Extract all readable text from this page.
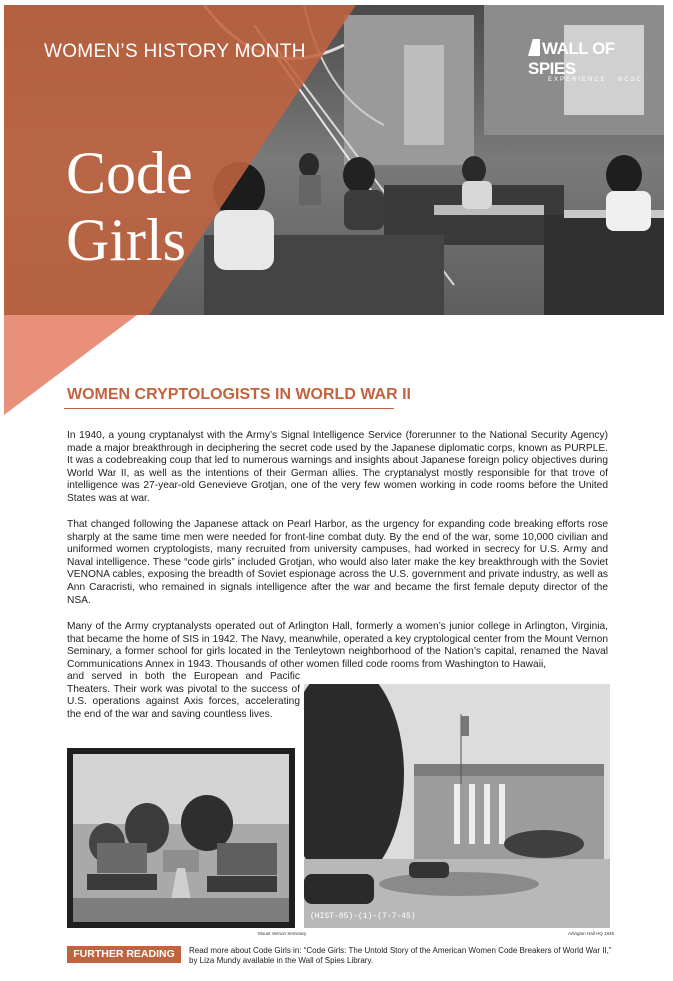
WOMEN’S HISTORY MONTH
Code
Girls
WALL OF SPIES
EXPERIENCE · NCSC
WOMEN CRYPTOLOGISTS IN WORLD WAR II
In 1940, a young cryptanalyst with the Army’s Signal Intelligence Service (forerunner to the National Security Agency) made a major breakthrough in deciphering the secret code used by the Japanese diplomatic corps, known as PURPLE. It was a codebreaking coup that led to numerous warnings and insights about Japanese foreign policy objectives during World War II, as well as the intentions of their German allies. The cryptanalyst mostly responsible for that trove of intelligence was 27-year-old Genevieve Grotjan, one of the very few women working in code rooms before the United States was at war.
That changed following the Japanese attack on Pearl Harbor, as the urgency for expanding code breaking efforts rose sharply at the same time men were needed for front-line combat duty. By the end of the war, some 10,000 civilian and uniformed women cryptologists, many recruited from university campuses, had worked in secrecy for U.S. Army and Naval intelligence. These “code girls” included Grotjan, who would also later make the key breakthrough with the Soviet VENONA cables, exposing the breadth of Soviet espionage across the U.S. government and private industry, as well as Ann Caracristi, who remained in signals intelligence after the war and became the first female deputy director of the NSA.
Many of the Army cryptanalysts operated out of Arlington Hall, formerly a women’s junior college in Arlington, Virginia, that became the home of SIS in 1942. The Navy, meanwhile, operated a key cryptological center from the Mount Vernon Seminary, a former school for girls located in the Tenleytown neighborhood of the Nation’s capital, renamed the Naval Communications Annex in 1943. Thousands of other women filled code rooms from Washington to Hawaii,
and served in both the European and Pacific Theaters. Their work was pivotal to the success of U.S. operations against Axis forces, accelerating the end of the war and saving countless lives.
Mount Vernon Seminary
(HIST-85)-(1)-(7-7-45)
Arlington Hall HQ 1945
FURTHER READING	Read more about Code Girls in: “Code Girls: The Untold Story of the American Women Code Breakers of World War II,” by Liza Mundy available in the Wall of Spies Library.
